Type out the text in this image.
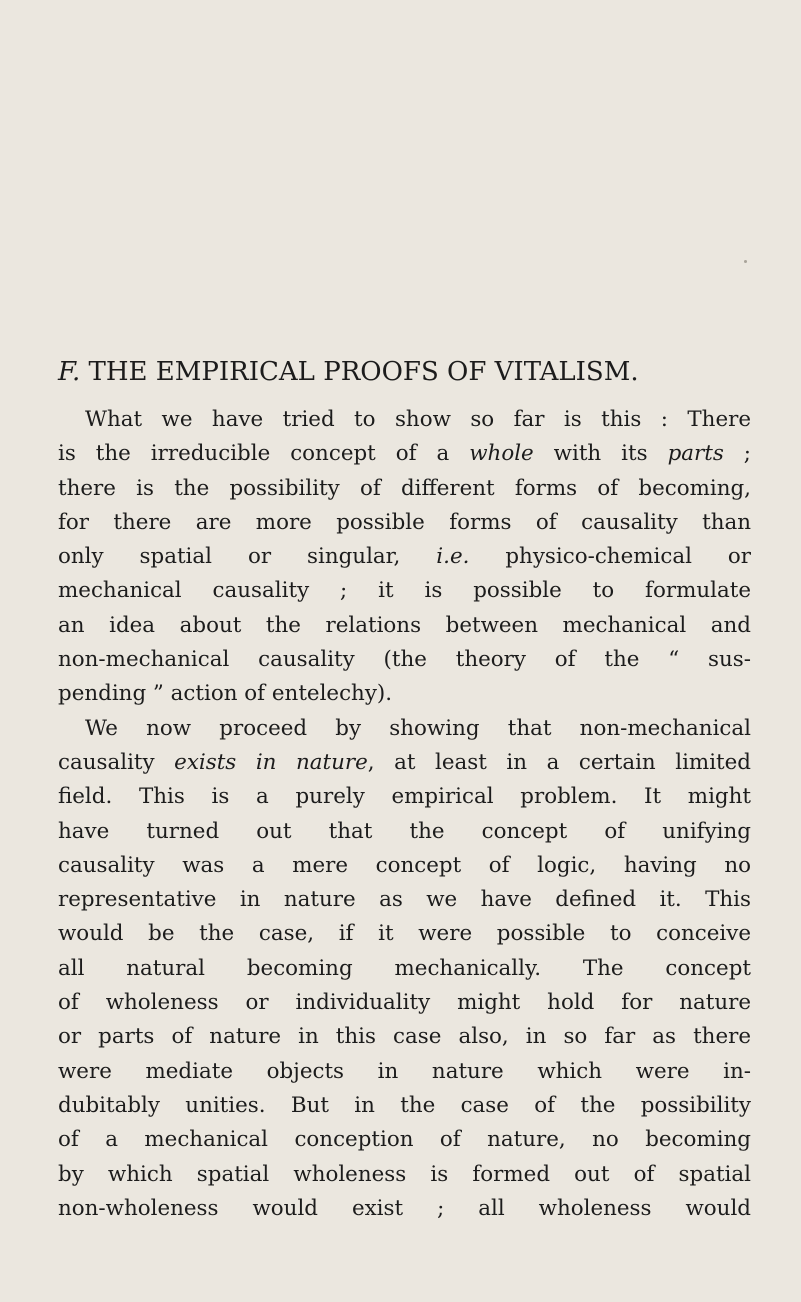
F. THE EMPIRICAL PROOFS OF VITALISM.
What we have tried to show so far is this : There
is the irreducible concept of a whole with its parts ;
there is the possibility of different forms of becoming,
for there are more possible forms of causality than
only spatial or singular, i.e. physico-chemical or
mechanical causality ; it is possible to formulate
an idea about the relations between mechanical and
non-mechanical causality (the theory of the “ sus-
pending ” action of entelechy).
We now proceed by showing that non-mechanical
causality exists in nature, at least in a certain limited
field. This is a purely empirical problem. It might
have turned out that the concept of unifying
causality was a mere concept of logic, having no
representative in nature as we have defined it. This
would be the case, if it were possible to conceive
all natural becoming mechanically. The concept
of wholeness or individuality might hold for nature
or parts of nature in this case also, in so far as there
were mediate objects in nature which were in-
dubitably unities. But in the case of the possibility
of a mechanical conception of nature, no becoming
by which spatial wholeness is formed out of spatial
non-wholeness would exist ; all wholeness would
